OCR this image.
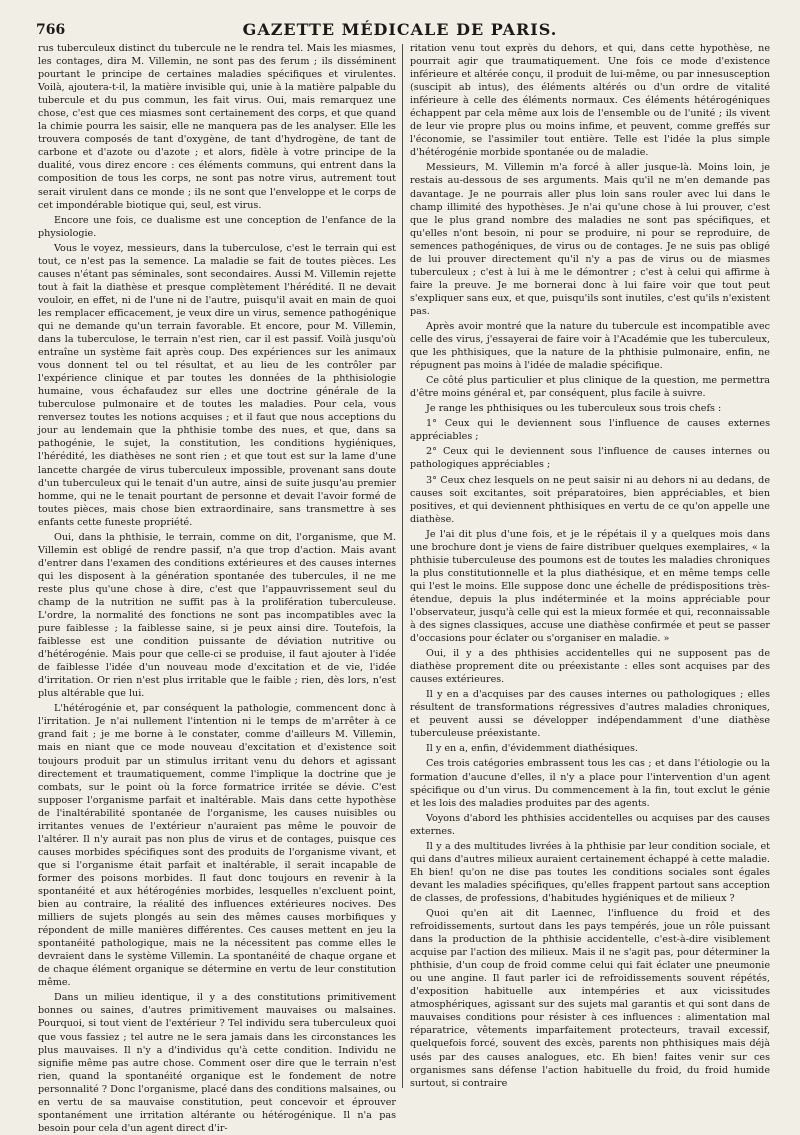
766	GAZETTE MÉDICALE DE PARIS.

rus tuberculeux distinct du tubercule ne le rendra tel. Mais les miasmes, les contages, dira M. Villemin, ne sont pas des ferum ; ils disséminent pourtant le principe de certaines maladies spécifiques et virulentes. Voilà, ajoutera-t-il, la matière invisible qui, unie à la matière palpable du tubercule et du pus commun, les fait virus. Oui, mais remarquez une chose, c'est que ces miasmes sont certainement des corps, et que quand la chimie pourra les saisir, elle ne manquera pas de les analyser. Elle les trouvera composés de tant d'oxygène, de tant d'hydrogène, de tant de carbone et d'azote ou d'azote ; et alors, fidèle à votre principe de la dualité, vous direz encore : ces éléments communs, qui entrent dans la composition de tous les corps, ne sont pas notre virus, autrement tout serait virulent dans ce monde ; ils ne sont que l'enveloppe et le corps de cet impondérable biotique qui, seul, est virus.

Encore une fois, ce dualisme est une conception de l'enfance de la physiologie.

Vous le voyez, messieurs, dans la tuberculose, c'est le terrain qui est tout, ce n'est pas la semence. La maladie se fait de toutes pièces. Les causes n'étant pas séminales, sont secondaires. Aussi M. Villemin rejette tout à fait la diathèse et presque complètement l'hérédité. Il ne devait vouloir, en effet, ni de l'une ni de l'autre, puisqu'il avait en main de quoi les remplacer efficacement, je veux dire un virus, semence pathogénique qui ne demande qu'un terrain favorable. Et encore, pour M. Villemin, dans la tuberculose, le terrain n'est rien, car il est passif. Voilà jusqu'où entraîne un système fait après coup. Des expériences sur les animaux vous donnent tel ou tel résultat, et au lieu de les contrôler par l'expérience clinique et par toutes les données de la phthisiologie humaine, vous échafaudez sur elles une doctrine générale de la tuberculose pulmonaire et de toutes les maladies. Pour cela, vous renversez toutes les notions acquises ; et il faut que nous acceptions du jour au lendemain que la phthisie tombe des nues, et que, dans sa pathogénie, le sujet, la constitution, les conditions hygiéniques, l'hérédité, les diathèses ne sont rien ; et que tout est sur la lame d'une lancette chargée de virus tuberculeux impossible, provenant sans doute d'un tuberculeux qui le tenait d'un autre, ainsi de suite jusqu'au premier homme, qui ne le tenait pourtant de personne et devait l'avoir formé de toutes pièces, mais chose bien extraordinaire, sans transmettre à ses enfants cette funeste propriété.

Oui, dans la phthisie, le terrain, comme on dit, l'organisme, que M. Villemin est obligé de rendre passif, n'a que trop d'action. Mais avant d'entrer dans l'examen des conditions extérieures et des causes internes qui les disposent à la génération spontanée des tubercules, il ne me reste plus qu'une chose à dire, c'est que l'appauvrissement seul du champ de la nutrition ne suffit pas à la prolifération tuberculeuse. L'ordre, la normalité des fonctions ne sont pas incompatibles avec la pure faiblesse ; la faiblesse saine, si je peux ainsi dire. Toutefois, la faiblesse est une condition puissante de déviation nutritive ou d'hétérogénie. Mais pour que celle-ci se produise, il faut ajouter à l'idée de faiblesse l'idée d'un nouveau mode d'excitation et de vie, l'idée d'irritation. Or rien n'est plus irritable que le faible ; rien, dès lors, n'est plus altérable que lui.

L'hétérogénie et, par conséquent la pathologie, commencent donc à l'irritation. Je n'ai nullement l'intention ni le temps de m'arrêter à ce grand fait ; je me borne à le constater, comme d'ailleurs M. Villemin, mais en niant que ce mode nouveau d'excitation et d'existence soit toujours produit par un stimulus irritant venu du dehors et agissant directement et traumatiquement, comme l'implique la doctrine que je combats, sur le point où la force formatrice irritée se dévie. C'est supposer l'organisme parfait et inaltérable. Mais dans cette hypothèse de l'inaltérabilité spontanée de l'organisme, les causes nuisibles ou irritantes venues de l'extérieur n'auraient pas même le pouvoir de l'altérer. Il n'y aurait pas non plus de virus et de contages, puisque ces causes morbides spécifiques sont des produits de l'organisme vivant, et que si l'organisme était parfait et inaltérable, il serait incapable de former des poisons morbides. Il faut donc toujours en revenir à la spontanéité et aux hétérogénies morbides, lesquelles n'excluent point, bien au contraire, la réalité des influences extérieures nocives. Des milliers de sujets plongés au sein des mêmes causes morbifiques y répondent de mille manières différentes. Ces causes mettent en jeu la spontanéité pathologique, mais ne la nécessitent pas comme elles le devraient dans le système Villemin. La spontanéité de chaque organe et de chaque élément organique se détermine en vertu de leur constitution même.

Dans un milieu identique, il y a des constitutions primitivement bonnes ou saines, d'autres primitivement mauvaises ou malsaines. Pourquoi, si tout vient de l'extérieur ? Tel individu sera tuberculeux quoi que vous fassiez ; tel autre ne le sera jamais dans les circonstances les plus mauvaises. Il n'y a d'individus qu'à cette condition. Individu ne signifie même pas autre chose. Comment oser dire que le terrain n'est rien, quand la spontanéité organique est le fondement de notre personnalité ? Donc l'organisme, placé dans des conditions malsaines, ou en vertu de sa mauvaise constitution, peut concevoir et éprouver spontanément une irritation altérante ou hétérogénique. Il n'a pas besoin pour cela d'un agent direct d'ir-

ritation venu tout exprès du dehors, et qui, dans cette hypothèse, ne pourrait agir que traumatiquement. Une fois ce mode d'existence inférieure et altérée conçu, il produit de lui-même, ou par innesusception (suscipit ab intus), des éléments altérés ou d'un ordre de vitalité inférieure à celle des éléments normaux. Ces éléments hétérogéniques échappent par cela même aux lois de l'ensemble ou de l'unité ; ils vivent de leur vie propre plus ou moins infime, et peuvent, comme greffés sur l'économie, se l'assimiler tout entière. Telle est l'idée la plus simple d'hétérogénie morbide spontanée ou de maladie.

Messieurs, M. Villemin m'a forcé à aller jusque-là. Moins loin, je restais au-dessous de ses arguments. Mais qu'il ne m'en demande pas davantage. Je ne pourrais aller plus loin sans rouler avec lui dans le champ illimité des hypothèses. Je n'ai qu'une chose à lui prouver, c'est que le plus grand nombre des maladies ne sont pas spécifiques, et qu'elles n'ont besoin, ni pour se produire, ni pour se reproduire, de semences pathogéniques, de virus ou de contages. Je ne suis pas obligé de lui prouver directement qu'il n'y a pas de virus ou de miasmes tuberculeux ; c'est à lui à me le démontrer ; c'est à celui qui affirme à faire la preuve. Je me bornerai donc à lui faire voir que tout peut s'expliquer sans eux, et que, puisqu'ils sont inutiles, c'est qu'ils n'existent pas.

Après avoir montré que la nature du tubercule est incompatible avec celle des virus, j'essayerai de faire voir à l'Académie que les tuberculeux, que les phthisiques, que la nature de la phthisie pulmonaire, enfin, ne répugnent pas moins à l'idée de maladie spécifique.

Ce côté plus particulier et plus clinique de la question, me permettra d'être moins général et, par conséquent, plus facile à suivre.

Je range les phthisiques ou les tuberculeux sous trois chefs :

1° Ceux qui le deviennent sous l'influence de causes externes appréciables ;

2° Ceux qui le deviennent sous l'influence de causes internes ou pathologiques appréciables ;

3° Ceux chez lesquels on ne peut saisir ni au dehors ni au dedans, de causes soit excitantes, soit préparatoires, bien appréciables, et bien positives, et qui deviennent phthisiques en vertu de ce qu'on appelle une diathèse.

Je l'ai dit plus d'une fois, et je le répétais il y a quelques mois dans une brochure dont je viens de faire distribuer quelques exemplaires, « la phthisie tuberculeuse des poumons est de toutes les maladies chroniques la plus constitutionnelle et la plus diathésique, et en même temps celle qui l'est le moins. Elle suppose donc une échelle de prédispositions très-étendue, depuis la plus indéterminée et la moins appréciable pour l'observateur, jusqu'à celle qui est la mieux formée et qui, reconnaissable à des signes classiques, accuse une diathèse confirmée et peut se passer d'occasions pour éclater ou s'organiser en maladie. »

Oui, il y a des phthisies accidentelles qui ne supposent pas de diathèse proprement dite ou préexistante : elles sont acquises par des causes extérieures.

Il y en a d'acquises par des causes internes ou pathologiques ; elles résultent de transformations régressives d'autres maladies chroniques, et peuvent aussi se développer indépendamment d'une diathèse tuberculeuse préexistante.

Il y en a, enfin, d'évidemment diathésiques.

Ces trois catégories embrassent tous les cas ; et dans l'étiologie ou la formation d'aucune d'elles, il n'y a place pour l'intervention d'un agent spécifique ou d'un virus. Du commencement à la fin, tout exclut le génie et les lois des maladies produites par des agents.

Voyons d'abord les phthisies accidentelles ou acquises par des causes externes.

Il y a des multitudes livrées à la phthisie par leur condition sociale, et qui dans d'autres milieux auraient certainement échappé à cette maladie. Eh bien! qu'on ne dise pas toutes les conditions sociales sont égales devant les maladies spécifiques, qu'elles frappent partout sans acception de classes, de professions, d'habitudes hygiéniques et de milieux ?

Quoi qu'en ait dit Laennec, l'influence du froid et des refroidissements, surtout dans les pays tempérés, joue un rôle puissant dans la production de la phthisie accidentelle, c'est-à-dire visiblement acquise par l'action des milieux. Mais il ne s'agit pas, pour déterminer la phthisie, d'un coup de froid comme celui qui fait éclater une pneumonie ou une angine. Il faut parler ici de refroidissements souvent répétés, d'exposition habituelle aux intempéries et aux vicissitudes atmosphériques, agissant sur des sujets mal garantis et qui sont dans de mauvaises conditions pour résister à ces influences : alimentation mal réparatrice, vêtements imparfaitement protecteurs, travail excessif, quelquefois forcé, souvent des excès, parents non phthisiques mais déjà usés par des causes analogues, etc. Eh bien! faites venir sur ces organismes sans défense l'action habituelle du froid, du froid humide surtout, si contraire
